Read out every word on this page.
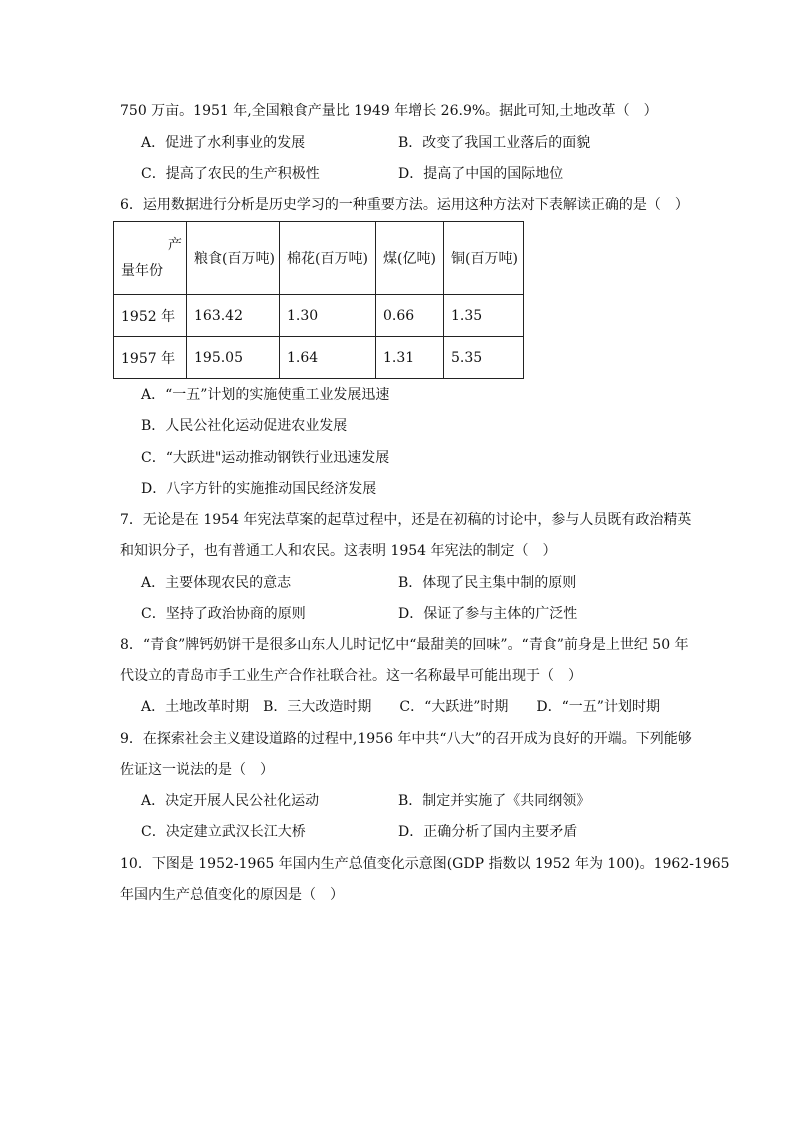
750 万亩。1951 年,全国粮食产量比 1949 年增长 26.9%。据此可知,土地改革（　）
A．促进了水利事业的发展	B．改变了我国工业落后的面貌
C．提高了农民的生产积极性	D．提高了中国的国际地位
6．运用数据进行分析是历史学习的一种重要方法。运用这种方法对下表解读正确的是（　）
产
量年份	粮食(百万吨)	棉花(百万吨)	煤(亿吨)	铜(百万吨)
1952 年	163.42	1.30	0.66	1.35
1957 年	195.05	1.64	1.31	5.35
A．“一五”计划的实施使重工业发展迅速
B．人民公社化运动促进农业发展
C．“大跃进"运动推动钢铁行业迅速发展
D．八字方针的实施推动国民经济发展
7．无论是在 1954 年宪法草案的起草过程中，还是在初稿的讨论中，参与人员既有政治精英
和知识分子，也有普通工人和农民。这表明 1954 年宪法的制定（　）
A．主要体现农民的意志	B．体现了民主集中制的原则
C．坚持了政治协商的原则	D．保证了参与主体的广泛性
8．“青食”牌钙奶饼干是很多山东人儿时记忆中“最甜美的回味”。“青食”前身是上世纪 50 年
代设立的青岛市手工业生产合作社联合社。这一名称最早可能出现于（　）
A．土地改革时期　B．三大改造时期　　C．“大跃进”时期　　D．“一五”计划时期
9．在探索社会主义建设道路的过程中,1956 年中共“八大”的召开成为良好的开端。下列能够
佐证这一说法的是（　）
A．决定开展人民公社化运动	B．制定并实施了《共同纲领》
C．决定建立武汉长江大桥	D．正确分析了国内主要矛盾
10．下图是 1952-1965 年国内生产总值变化示意图(GDP 指数以 1952 年为 100)。1962-1965
年国内生产总值变化的原因是（　）
